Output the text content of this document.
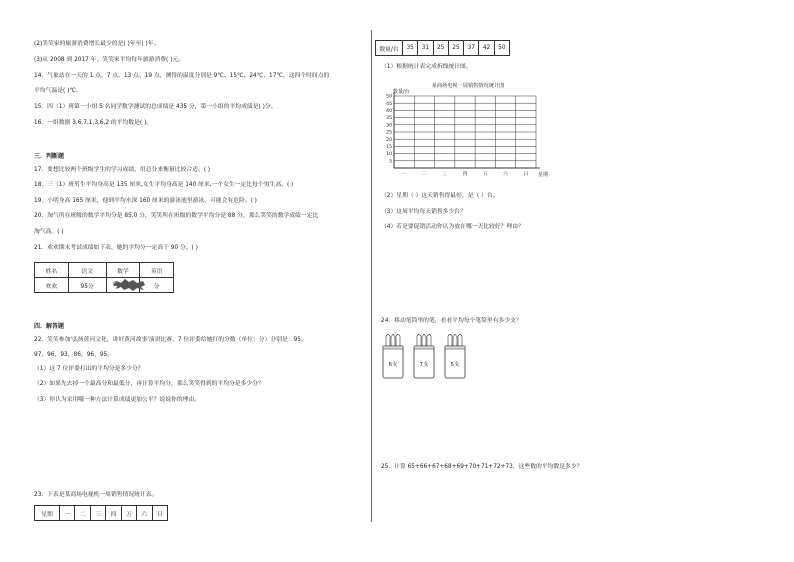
(2)笑笑家的旅游消费增长最少的是( )年至( )年。
(3)从 2008 到 2017 年，笑笑家平均每年旅游消费( )元。
14．气象站在一天的 1 点、7 点、13 点、19 点，测得的温度分别是 9℃、15℃、24℃、17℃，这四个时间点的
平均气温是( )℃。
15．四（1）班第一小组 5 名同学数学测试的总成绩是 435 分，第一小组的平均成绩是( )分。
16．一组数据 3,6,7,1,3,6,2 的平均数是( )。
三．判断题
17．要想比较两个班级学生的学习成绩，用总分来衡量比较合适。( )
18．三（1）班男生平均身高是 135 厘米,女生平均身高是 140 厘米,一个女生一定比每个男生高。( )
19．小明身高 165 厘米，他到平均水深 160 厘米的游泳池里游泳，可能会有危险。( )
20．淘气所在班级的数学平均分是 85.0 分，笑笑所在班级的数学平均分是 88 分，那么笑笑的数学成绩一定比
淘气高。( )
21．欢欢期末考试成绩如下表，她的平均分一定高于 90 分。( )
姓名	语文	数学	英语
欢欢	95分		分
四．解答题
22．笑笑参加'弘扬黄河文化，讲好黄河故事'演讲比赛，7 位评委给她打的分数（单位：分）分别是：95，
97，96，93，86，96，95。
（1）这 7 位评委打出的平均分是多少分？
（2）如果先去掉一个最高分和最低分，再计算平均分，那么笑笑得到的平均分是多少分？
（3）你认为采用哪一种方法计算成绩更加公平？说说你的理由。
23．下表是某商场电视机一周销售情况统计表。
星期	一	二	三	四	五	六	日
数量/台	35	31	25	25	37	42	50
（1）根据统计表完成折线统计图。
某商场电视一周销售情况统计图
数量/台
星期
5
10
15
20
25
30
35
40
45
50
一	二	三	四	五	六	日
（2）星期（ ）这天销售得最好，是（ ）台。
（3）这周平均每天销售多少台？
（4）若是要促销活动你认为放在哪一天比较好？理由？
24．移动笔筒里的笔，看看平均每个笔筒里有多少支？
6支	7支	5支
25．计算 65+66+67+68+69+70+71+72+73，这些数的平均数是多少？
